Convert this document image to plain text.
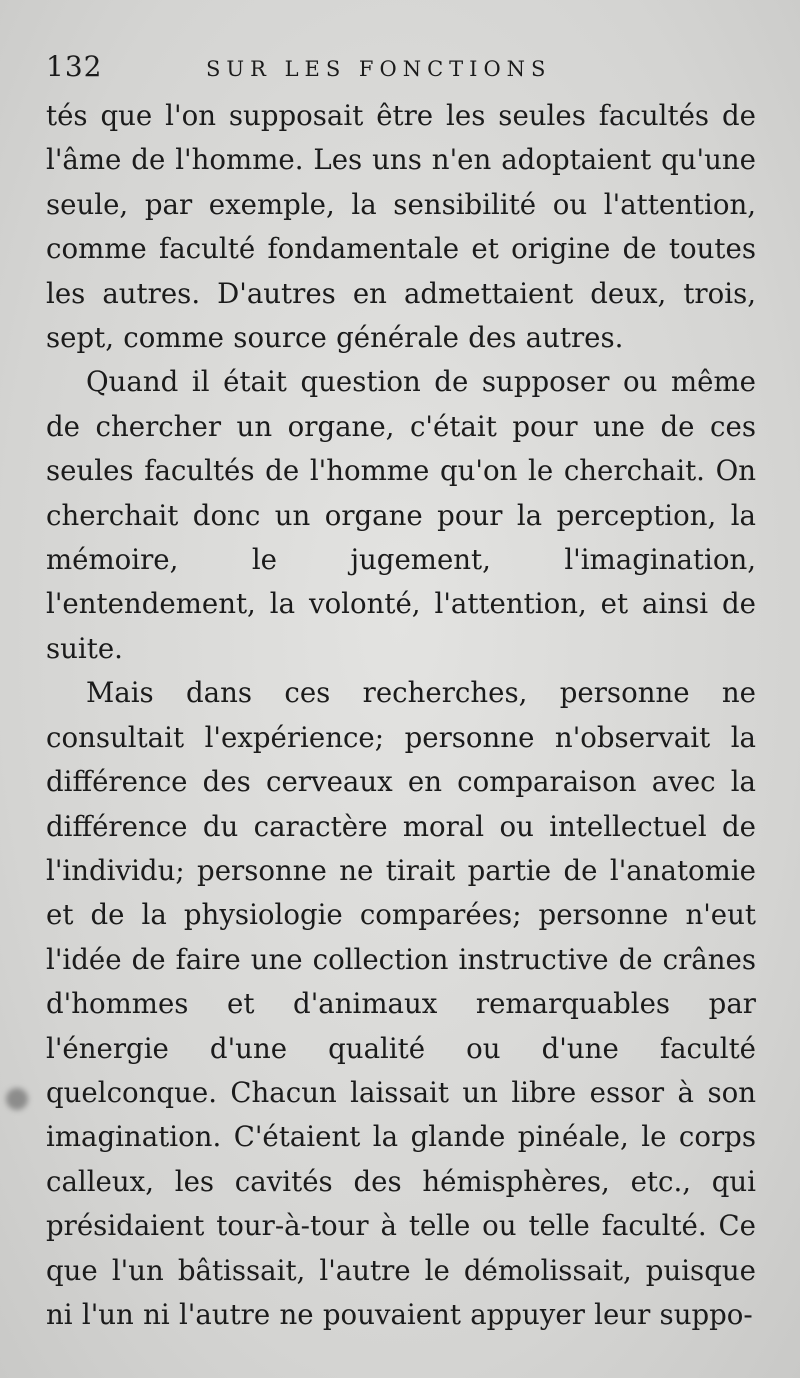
132	SUR LES FONCTIONS

tés que l'on supposait être les seules facultés de l'âme de l'homme. Les uns n'en adoptaient qu'une seule, par exemple, la sensibilité ou l'attention, comme faculté fondamentale et origine de toutes les autres. D'autres en admettaient deux, trois, sept, comme source générale des autres.

Quand il était question de supposer ou même de chercher un organe, c'était pour une de ces seules facultés de l'homme qu'on le cherchait. On cherchait donc un organe pour la perception, la mémoire, le jugement, l'imagination, l'entendement, la volonté, l'attention, et ainsi de suite.

Mais dans ces recherches, personne ne consultait l'expérience; personne n'observait la différence des cerveaux en comparaison avec la différence du caractère moral ou intellectuel de l'individu; personne ne tirait partie de l'anatomie et de la physiologie comparées; personne n'eut l'idée de faire une collection instructive de crânes d'hommes et d'animaux remarquables par l'énergie d'une qualité ou d'une faculté quelconque. Chacun laissait un libre essor à son imagination. C'étaient la glande pinéale, le corps calleux, les cavités des hémisphères, etc., qui présidaient tour-à-tour à telle ou telle faculté. Ce que l'un bâtissait, l'autre le démolissait, puisque ni l'un ni l'autre ne pouvaient appuyer leur suppo-
